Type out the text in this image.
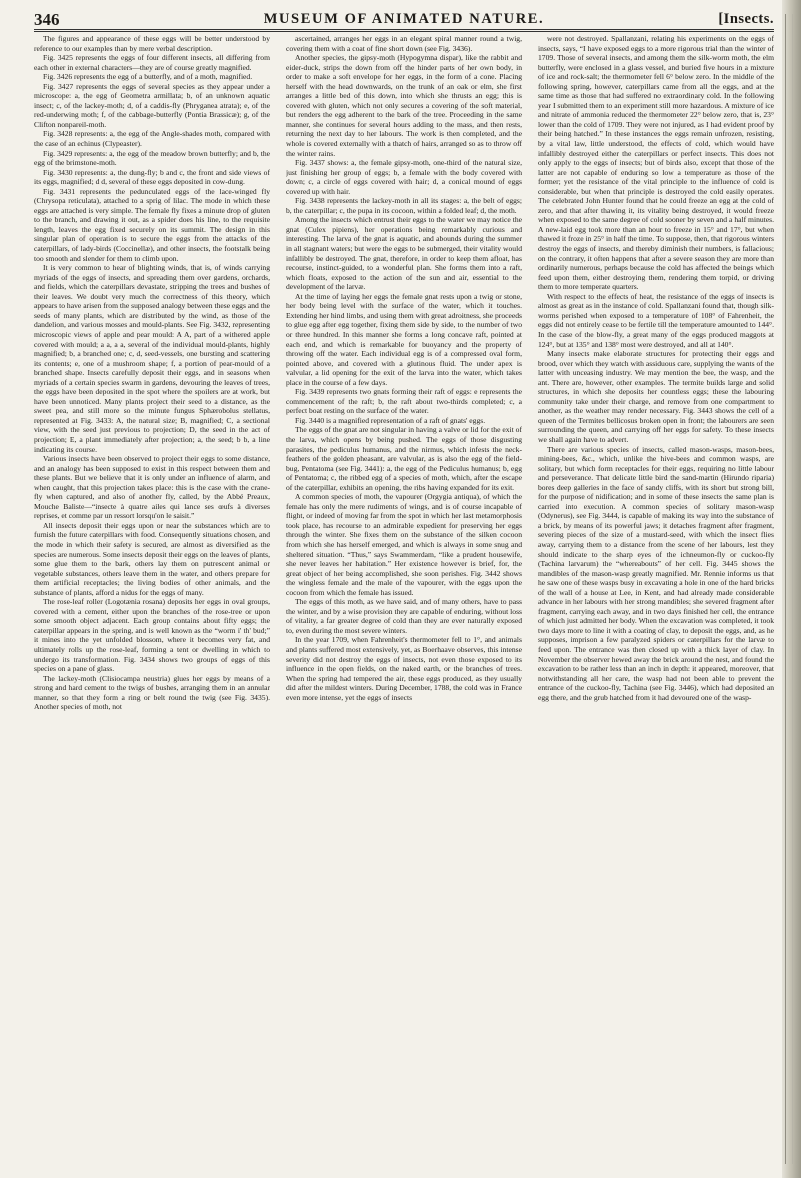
346	MUSEUM OF ANIMATED NATURE.	[Insects.

The figures and appearance of these eggs will be better understood by reference to our examples than by mere verbal description.

Fig. 3425 represents the eggs of four different insects, all differing from each other in external characters—they are of course greatly magnified.

Fig. 3426 represents the egg of a butterfly, and of a moth, magnified.

Fig. 3427 represents the eggs of several species as they appear under a microscope: a, the egg of Geometra armillata; b, of an unknown aquatic insect; c, of the lackey-moth; d, of a caddis-fly (Phryganea atrata); e, of the red-underwing moth; f, of the cabbage-butterfly (Pontia Brassicæ); g, of the Clifton nonpareil-moth.

Fig. 3428 represents: a, the egg of the Angle-shades moth, compared with the case of an echinus (Clypeaster).

Fig. 3429 represents: a, the egg of the meadow brown butterfly; and b, the egg of the brimstone-moth.

Fig. 3430 represents: a, the dung-fly; b and c, the front and side views of its eggs, magnified; d d, several of these eggs deposited in cow-dung.

Fig. 3431 represents the pedunculated eggs of the lace-winged fly (Chrysopa reticulata), attached to a sprig of lilac. The mode in which these eggs are attached is very simple. The female fly fixes a minute drop of gluten to the branch, and drawing it out, as a spider does his line, to the requisite length, leaves the egg fixed securely on its summit. The design in this singular plan of operation is to secure the eggs from the attacks of the caterpillars, of lady-birds (Coccinellæ), and other insects, the footstalk being too smooth and slender for them to climb upon.

It is very common to hear of blighting winds, that is, of winds carrying myriads of the eggs of insects, and spreading them over gardens, orchards, and fields, which the caterpillars devastate, stripping the trees and bushes of their leaves. We doubt very much the correctness of this theory, which appears to have arisen from the supposed analogy between these eggs and the seeds of many plants, which are distributed by the wind, as those of the dandelion, and various mosses and mould-plants. See Fig. 3432, representing microscopic views of apple and pear mould: A A, part of a withered apple covered with mould; a a, a a, several of the individual mould-plants, highly magnified; b, a branched one; c, d, seed-vessels, one bursting and scattering its contents; e, one of a mushroom shape; f, a portion of pear-mould of a branched shape. Insects carefully deposit their eggs, and in seasons when myriads of a certain species swarm in gardens, devouring the leaves of trees, the eggs have been deposited in the spot where the spoilers are at work, but have been unnoticed. Many plants project their seed to a distance, as the sweet pea, and still more so the minute fungus Sphærobolus stellatus, represented at Fig. 3433: A, the natural size; B, magnified; C, a sectional view, with the seed just previous to projection; D, the seed in the act of projection; E, a plant immediately after projection; a, the seed; b b, a line indicating its course.

Various insects have been observed to project their eggs to some distance, and an analogy has been supposed to exist in this respect between them and these plants. But we believe that it is only under an influence of alarm, and when caught, that this projection takes place: this is the case with the crane-fly when captured, and also of another fly, called, by the Abbé Preaux, Mouche Baliste—“insecte à quatre ailes qui lance ses œufs à diverses reprises, et comme par un ressort lorsqu'on le saisit.”

All insects deposit their eggs upon or near the substances which are to furnish the future caterpillars with food. Consequently situations chosen, and the mode in which their safety is secured, are almost as diversified as the species are numerous. Some insects deposit their eggs on the leaves of plants, some glue them to the bark, others lay them on putrescent animal or vegetable substances, others leave them in the water, and others prepare for them artificial receptacles; the living bodies of other animals, and the substance of plants, afford a nidus for the eggs of many.

The rose-leaf roller (Logotænia rosana) deposits her eggs in oval groups, covered with a cement, either upon the branches of the rose-tree or upon some smooth object adjacent. Each group contains about fifty eggs; the caterpillar appears in the spring, and is well known as the “worm i' th' bud;” it mines into the yet unfolded blossom, where it becomes very fat, and ultimately rolls up the rose-leaf, forming a tent or dwelling in which to undergo its transformation. Fig. 3434 shows two groups of eggs of this species on a pane of glass.

The lackey-moth (Clisiocampa neustria) glues her eggs by means of a strong and hard cement to the twigs of bushes, arranging them in an annular manner, so that they form a ring or belt round the twig (see Fig. 3435). Another species of moth, not

ascertained, arranges her eggs in an elegant spiral manner round a twig, covering them with a coat of fine short down (see Fig. 3436).

Another species, the gipsy-moth (Hypogymna dispar), like the rabbit and eider-duck, strips the down from off the hinder parts of her own body, in order to make a soft envelope for her eggs, in the form of a cone. Placing herself with the head downwards, on the trunk of an oak or elm, she first arranges a little bed of this down, into which she thrusts an egg; this is covered with gluten, which not only secures a covering of the soft material, but renders the egg adherent to the bark of the tree. Proceeding in the same manner, she continues for several hours adding to the mass, and then rests, returning the next day to her labours. The work is then completed, and the whole is covered externally with a thatch of hairs, arranged so as to throw off the winter rains.

Fig. 3437 shows: a, the female gipsy-moth, one-third of the natural size, just finishing her group of eggs; b, a female with the body covered with down; c, a circle of eggs covered with hair; d, a conical mound of eggs covered up with hair.

Fig. 3438 represents the lackey-moth in all its stages: a, the belt of eggs; b, the caterpillar; c, the pupa in its cocoon, within a folded leaf; d, the moth.

Among the insects which entrust their eggs to the water we may notice the gnat (Culex pipiens), her operations being remarkably curious and interesting. The larva of the gnat is aquatic, and abounds during the summer in all stagnant waters; but were the eggs to be submerged, their vitality would infallibly be destroyed. The gnat, therefore, in order to keep them afloat, has recourse, instinct-guided, to a wonderful plan. She forms them into a raft, which floats, exposed to the action of the sun and air, essential to the development of the larvæ.

At the time of laying her eggs the female gnat rests upon a twig or stone, her body being level with the surface of the water, which it touches. Extending her hind limbs, and using them with great adroitness, she proceeds to glue egg after egg together, fixing them side by side, to the number of two or three hundred. In this manner she forms a long concave raft, pointed at each end, and which is remarkable for buoyancy and the property of throwing off the water. Each individual egg is of a compressed oval form, pointed above, and covered with a glutinous fluid. The under apex is valvular, a lid opening for the exit of the larva into the water, which takes place in the course of a few days.

Fig. 3439 represents two gnats forming their raft of eggs: e represents the commencement of the raft; b, the raft about two-thirds completed; c, a perfect boat resting on the surface of the water.

Fig. 3440 is a magnified representation of a raft of gnats' eggs.

The eggs of the gnat are not singular in having a valve or lid for the exit of the larva, which opens by being pushed. The eggs of those disgusting parasites, the pediculus humanus, and the nirmus, which infests the neck-feathers of the golden pheasant, are valvular, as is also the egg of the field-bug, Pentatoma (see Fig. 3441): a, the egg of the Pediculus humanus; b, egg of Pentatoma; c, the ribbed egg of a species of moth, which, after the escape of the caterpillar, exhibits an opening, the ribs having expanded for its exit.

A common species of moth, the vapourer (Orgygia antiqua), of which the female has only the mere rudiments of wings, and is of course incapable of flight, or indeed of moving far from the spot in which her last metamorphosis took place, has recourse to an admirable expedient for preserving her eggs through the winter. She fixes them on the substance of the silken cocoon from which she has herself emerged, and which is always in some snug and sheltered situation. “Thus,” says Swammerdam, “like a prudent housewife, she never leaves her habitation.” Her existence however is brief, for, the great object of her being accomplished, she soon perishes. Fig. 3442 shows the wingless female and the male of the vapourer, with the eggs upon the cocoon from which the female has issued.

The eggs of this moth, as we have said, and of many others, have to pass the winter, and by a wise provision they are capable of enduring, without loss of vitality, a far greater degree of cold than they are ever naturally exposed to, even during the most severe winters.

In the year 1709, when Fahrenheit's thermometer fell to 1°, and animals and plants suffered most extensively, yet, as Boerhaave observes, this intense severity did not destroy the eggs of insects, not even those exposed to its influence in the open fields, on the naked earth, or the branches of trees. When the spring had tempered the air, these eggs produced, as they usually did after the mildest winters. During December, 1788, the cold was in France even more intense, yet the eggs of insects

were not destroyed. Spallanzani, relating his experiments on the eggs of insects, says, “I have exposed eggs to a more rigorous trial than the winter of 1709. Those of several insects, and among them the silk-worm moth, the elm butterfly, were enclosed in a glass vessel, and buried five hours in a mixture of ice and rock-salt; the thermometer fell 6° below zero. In the middle of the following spring, however, caterpillars came from all the eggs, and at the same time as those that had suffered no extraordinary cold. In the following year I submitted them to an experiment still more hazardous. A mixture of ice and nitrate of ammonia reduced the thermometer 22° below zero, that is, 23° lower than the cold of 1709. They were not injured, as I had evident proof by their being hatched.” In these instances the eggs remain unfrozen, resisting, by a vital law, little understood, the effects of cold, which would have infallibly destroyed either the caterpillars or perfect insects. This does not only apply to the eggs of insects; but of birds also, except that those of the latter are not capable of enduring so low a temperature as those of the former; yet the resistance of the vital principle to the influence of cold is considerable, but when that principle is destroyed the cold easily operates. The celebrated John Hunter found that he could freeze an egg at the cold of zero, and that after thawing it, its vitality being destroyed, it would freeze when exposed to the same degree of cold sooner by seven and a half minutes. A new-laid egg took more than an hour to freeze in 15° and 17°, but when thawed it froze in 25° in half the time. To suppose, then, that rigorous winters destroy the eggs of insects, and thereby diminish their numbers, is fallacious; on the contrary, it often happens that after a severe season they are more than ordinarily numerous, perhaps because the cold has affected the beings which feed upon them, either destroying them, rendering them torpid, or driving them to more temperate quarters.

With respect to the effects of heat, the resistance of the eggs of insects is almost as great as in the instance of cold. Spallanzani found that, though silk-worms perished when exposed to a temperature of 108° of Fahrenheit, the eggs did not entirely cease to be fertile till the temperature amounted to 144°. In the case of the blow-fly, a great many of the eggs produced maggots at 124°, but at 135° and 138° most were destroyed, and all at 140°.

Many insects make elaborate structures for protecting their eggs and brood, over which they watch with assiduous care, supplying the wants of the latter with unceasing industry. We may mention the bee, the wasp, and the ant. There are, however, other examples. The termite builds large and solid structures, in which she deposits her countless eggs; these the labouring community take under their charge, and remove from one compartment to another, as the weather may render necessary. Fig. 3443 shows the cell of a queen of the Termites bellicosus broken open in front; the labourers are seen surrounding the queen, and carrying off her eggs for safety. To these insects we shall again have to advert.

There are various species of insects, called mason-wasps, mason-bees, mining-bees, &c., which, unlike the hive-bees and common wasps, are solitary, but which form receptacles for their eggs, requiring no little labour and perseverance. That delicate little bird the sand-martin (Hirundo riparia) bores deep galleries in the face of sandy cliffs, with its short but strong bill, for the purpose of nidification; and in some of these insects the same plan is carried into execution. A common species of solitary mason-wasp (Odynerus), see Fig. 3444, is capable of making its way into the substance of a brick, by means of its powerful jaws; it detaches fragment after fragment, severing pieces of the size of a mustard-seed, with which the insect flies away, carrying them to a distance from the scene of her labours, lest they should indicate to the sharp eyes of the ichneumon-fly or cuckoo-fly (Tachina larvarum) the “whereabouts” of her cell. Fig. 3445 shows the mandibles of the mason-wasp greatly magnified. Mr. Rennie informs us that he saw one of these wasps busy in excavating a hole in one of the hard bricks of the wall of a house at Lee, in Kent, and had already made considerable advance in her labours with her strong mandibles; she severed fragment after fragment, carrying each away, and in two days finished her cell, the entrance of which just admitted her body. When the excavation was completed, it took two days more to line it with a coating of clay, to deposit the eggs, and, as he supposes, imprison a few paralyzed spiders or caterpillars for the larvæ to feed upon. The entrance was then closed up with a thick layer of clay. In November the observer hewed away the brick around the nest, and found the excavation to be rather less than an inch in depth: it appeared, moreover, that notwithstanding all her care, the wasp had not been able to prevent the entrance of the cuckoo-fly, Tachina (see Fig. 3446), which had deposited an egg there, and the grub hatched from it had devoured one of the wasp-
